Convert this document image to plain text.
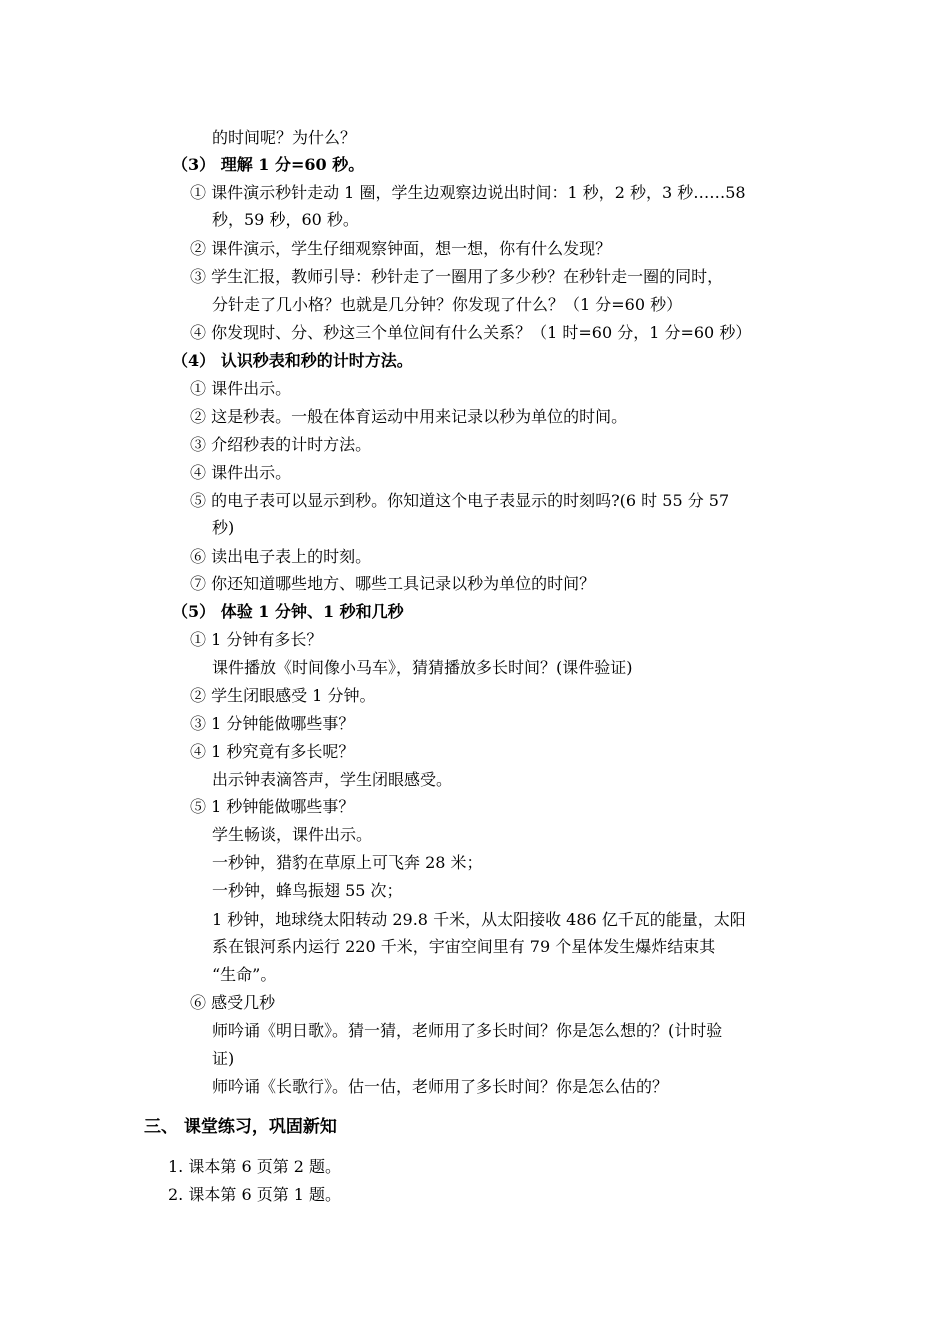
的时间呢？为什么？
（3） 理解 1 分=60 秒。
① 课件演示秒针走动 1 圈，学生边观察边说出时间：1 秒，2 秒，3 秒……58
秒，59 秒，60 秒。
② 课件演示，学生仔细观察钟面，想一想，你有什么发现？
③ 学生汇报，教师引导：秒针走了一圈用了多少秒？在秒针走一圈的同时，
分针走了几小格？也就是几分钟？你发现了什么？（1 分=60 秒）
④ 你发现时、分、秒这三个单位间有什么关系？（1 时=60 分，1 分=60 秒）
（4） 认识秒表和秒的计时方法。
① 课件出示。
② 这是秒表。一般在体育运动中用来记录以秒为单位的时间。
③ 介绍秒表的计时方法。
④ 课件出示。
⑤ 的电子表可以显示到秒。你知道这个电子表显示的时刻吗?(6 时 55 分 57
秒)
⑥ 读出电子表上的时刻。
⑦ 你还知道哪些地方、哪些工具记录以秒为单位的时间？
（5） 体验 1 分钟、1 秒和几秒
① 1 分钟有多长？
课件播放《时间像小马车》，猜猜播放多长时间？(课件验证)
② 学生闭眼感受 1 分钟。
③ 1 分钟能做哪些事？
④ 1 秒究竟有多长呢？
出示钟表滴答声，学生闭眼感受。
⑤ 1 秒钟能做哪些事？
学生畅谈，课件出示。
一秒钟，猎豹在草原上可飞奔 28 米；
一秒钟，蜂鸟振翅 55 次；
1 秒钟，地球绕太阳转动 29.8 千米，从太阳接收 486 亿千瓦的能量，太阳
系在银河系内运行 220 千米，宇宙空间里有 79 个星体发生爆炸结束其
“生命”。
⑥ 感受几秒
师吟诵《明日歌》。猜一猜，老师用了多长时间？你是怎么想的？(计时验
证)
师吟诵《长歌行》。估一估，老师用了多长时间？你是怎么估的？
三、 课堂练习，巩固新知
1. 课本第 6 页第 2 题。
2. 课本第 6 页第 1 题。
